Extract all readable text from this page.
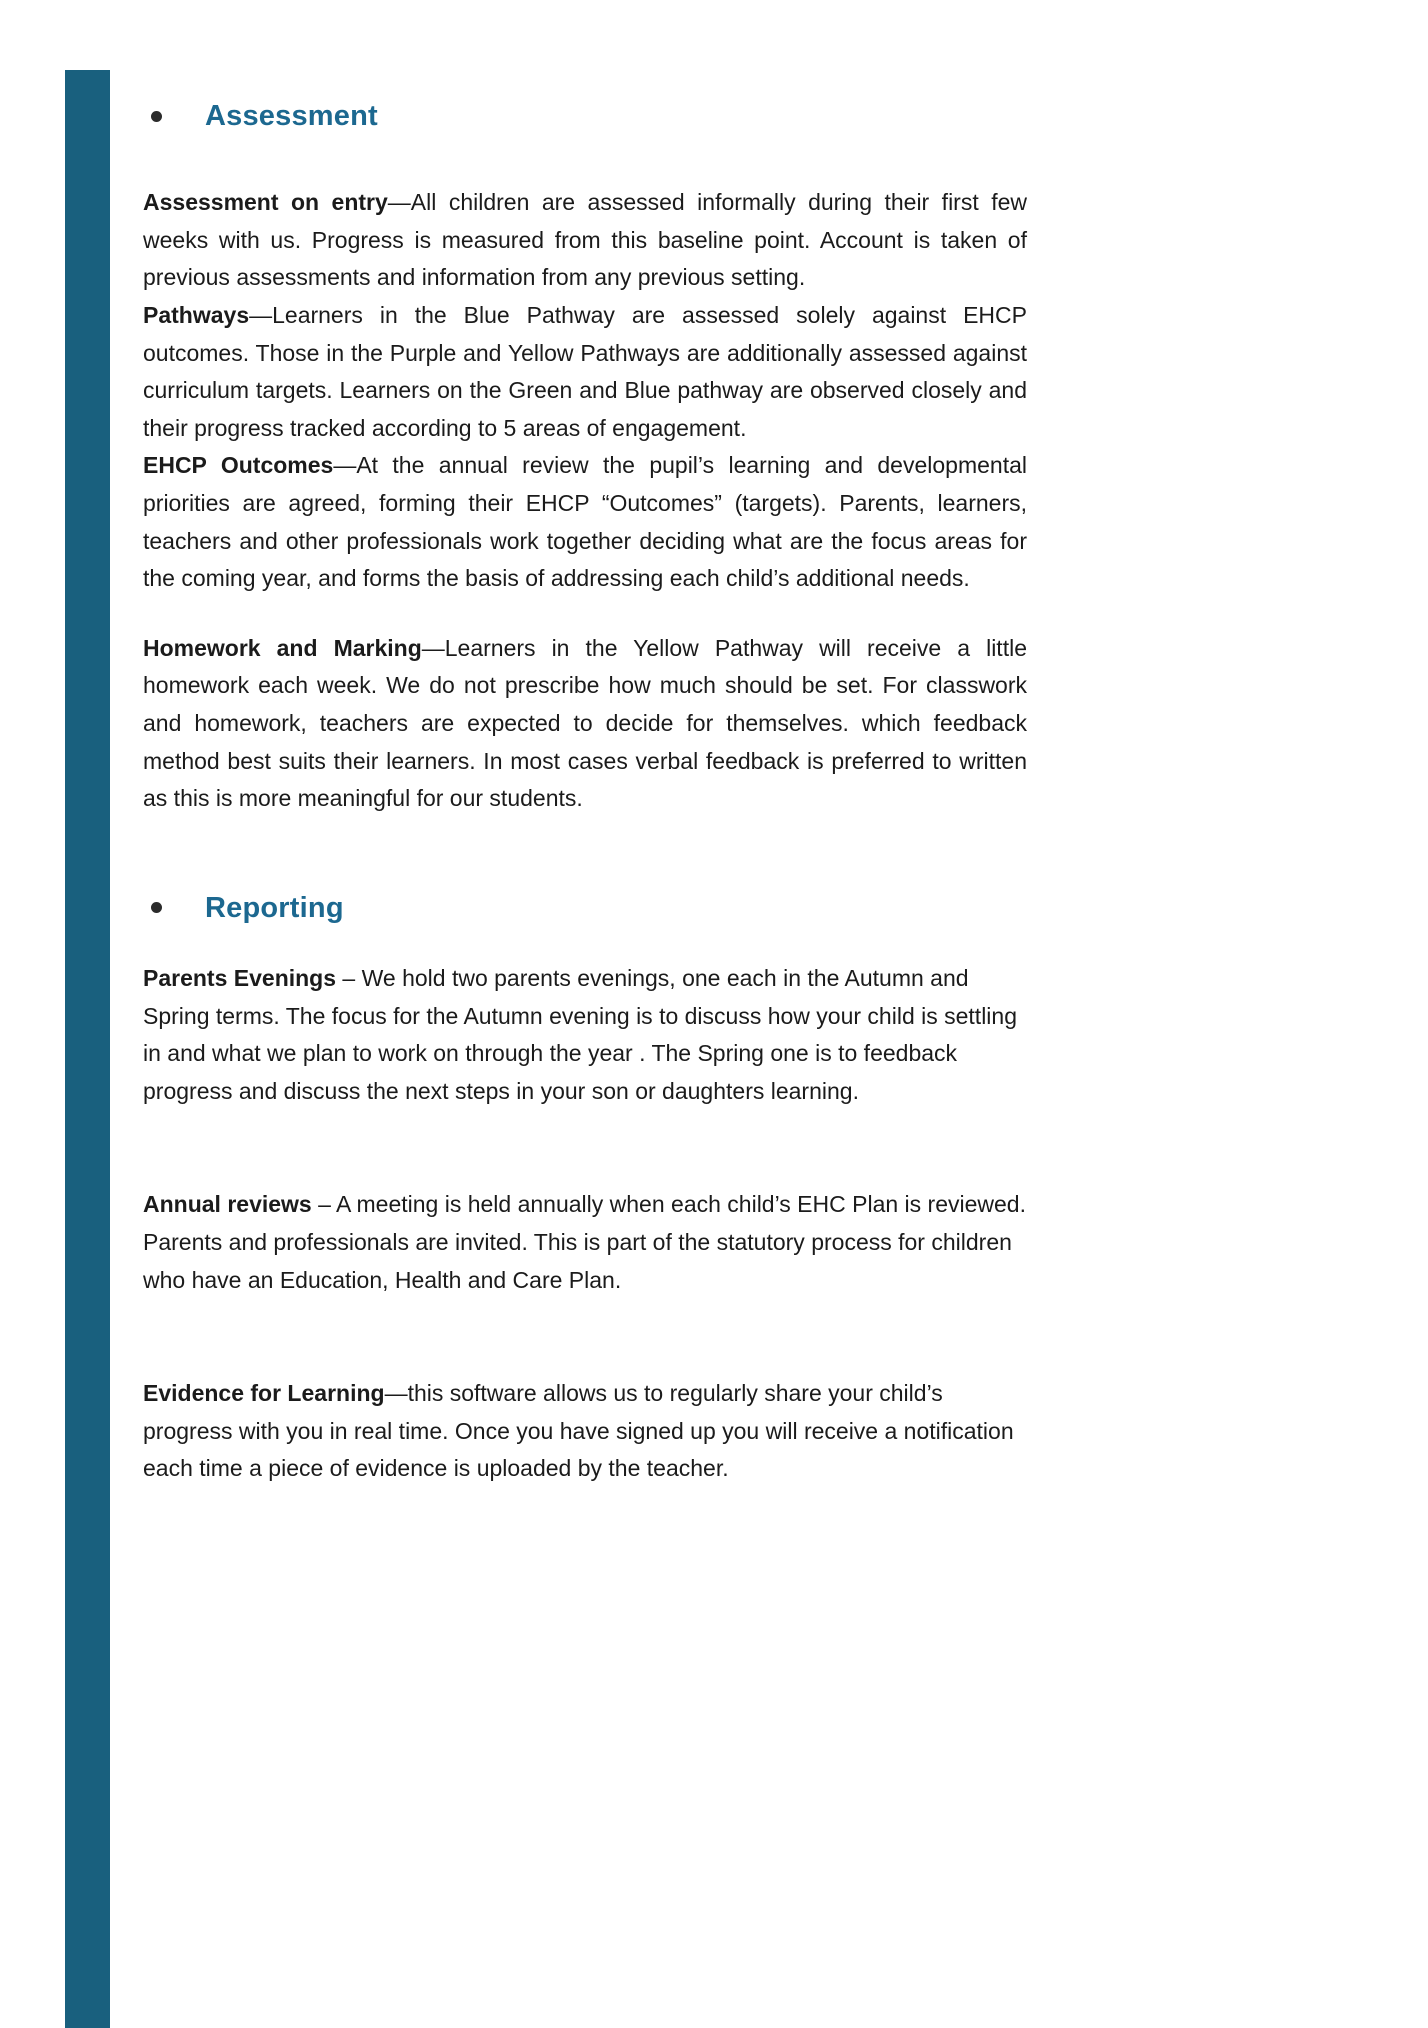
Assessment

Assessment on entry—All children are assessed informally during their first few weeks with us. Progress is measured from this baseline point. Account is taken of previous assessments and information from any previous setting.

Pathways—Learners in the Blue Pathway are assessed solely against EHCP outcomes. Those in the Purple and Yellow Pathways are additionally assessed against curriculum targets. Learners on the Green and Blue pathway are observed closely and their progress tracked according to 5 areas of engagement.

EHCP Outcomes—At the annual review the pupil’s learning and developmental priorities are agreed, forming their EHCP “Outcomes” (targets). Parents, learners, teachers and other professionals work together deciding what are the focus areas for the coming year, and forms the basis of addressing each child’s additional needs.

Homework and Marking—Learners in the Yellow Pathway will receive a little homework each week. We do not prescribe how much should be set. For classwork and homework, teachers are expected to decide for themselves. which feedback method best suits their learners. In most cases verbal feedback is preferred to written as this is more meaningful for our students.

Reporting

Parents Evenings – We hold two parents evenings, one each in the Autumn and Spring terms. The focus for the Autumn evening is to discuss how your child is settling in and what we plan to work on through the year . The Spring one is to feedback progress and discuss the next steps in your son or daughters learning.

Annual reviews – A meeting is held annually when each child’s EHC Plan is reviewed. Parents and professionals are invited. This is part of the statutory process for children who have an Education, Health and Care Plan.

Evidence for Learning—this software allows us to regularly share your child’s progress with you in real time. Once you have signed up you will receive a notification each time a piece of evidence is uploaded by the teacher.
